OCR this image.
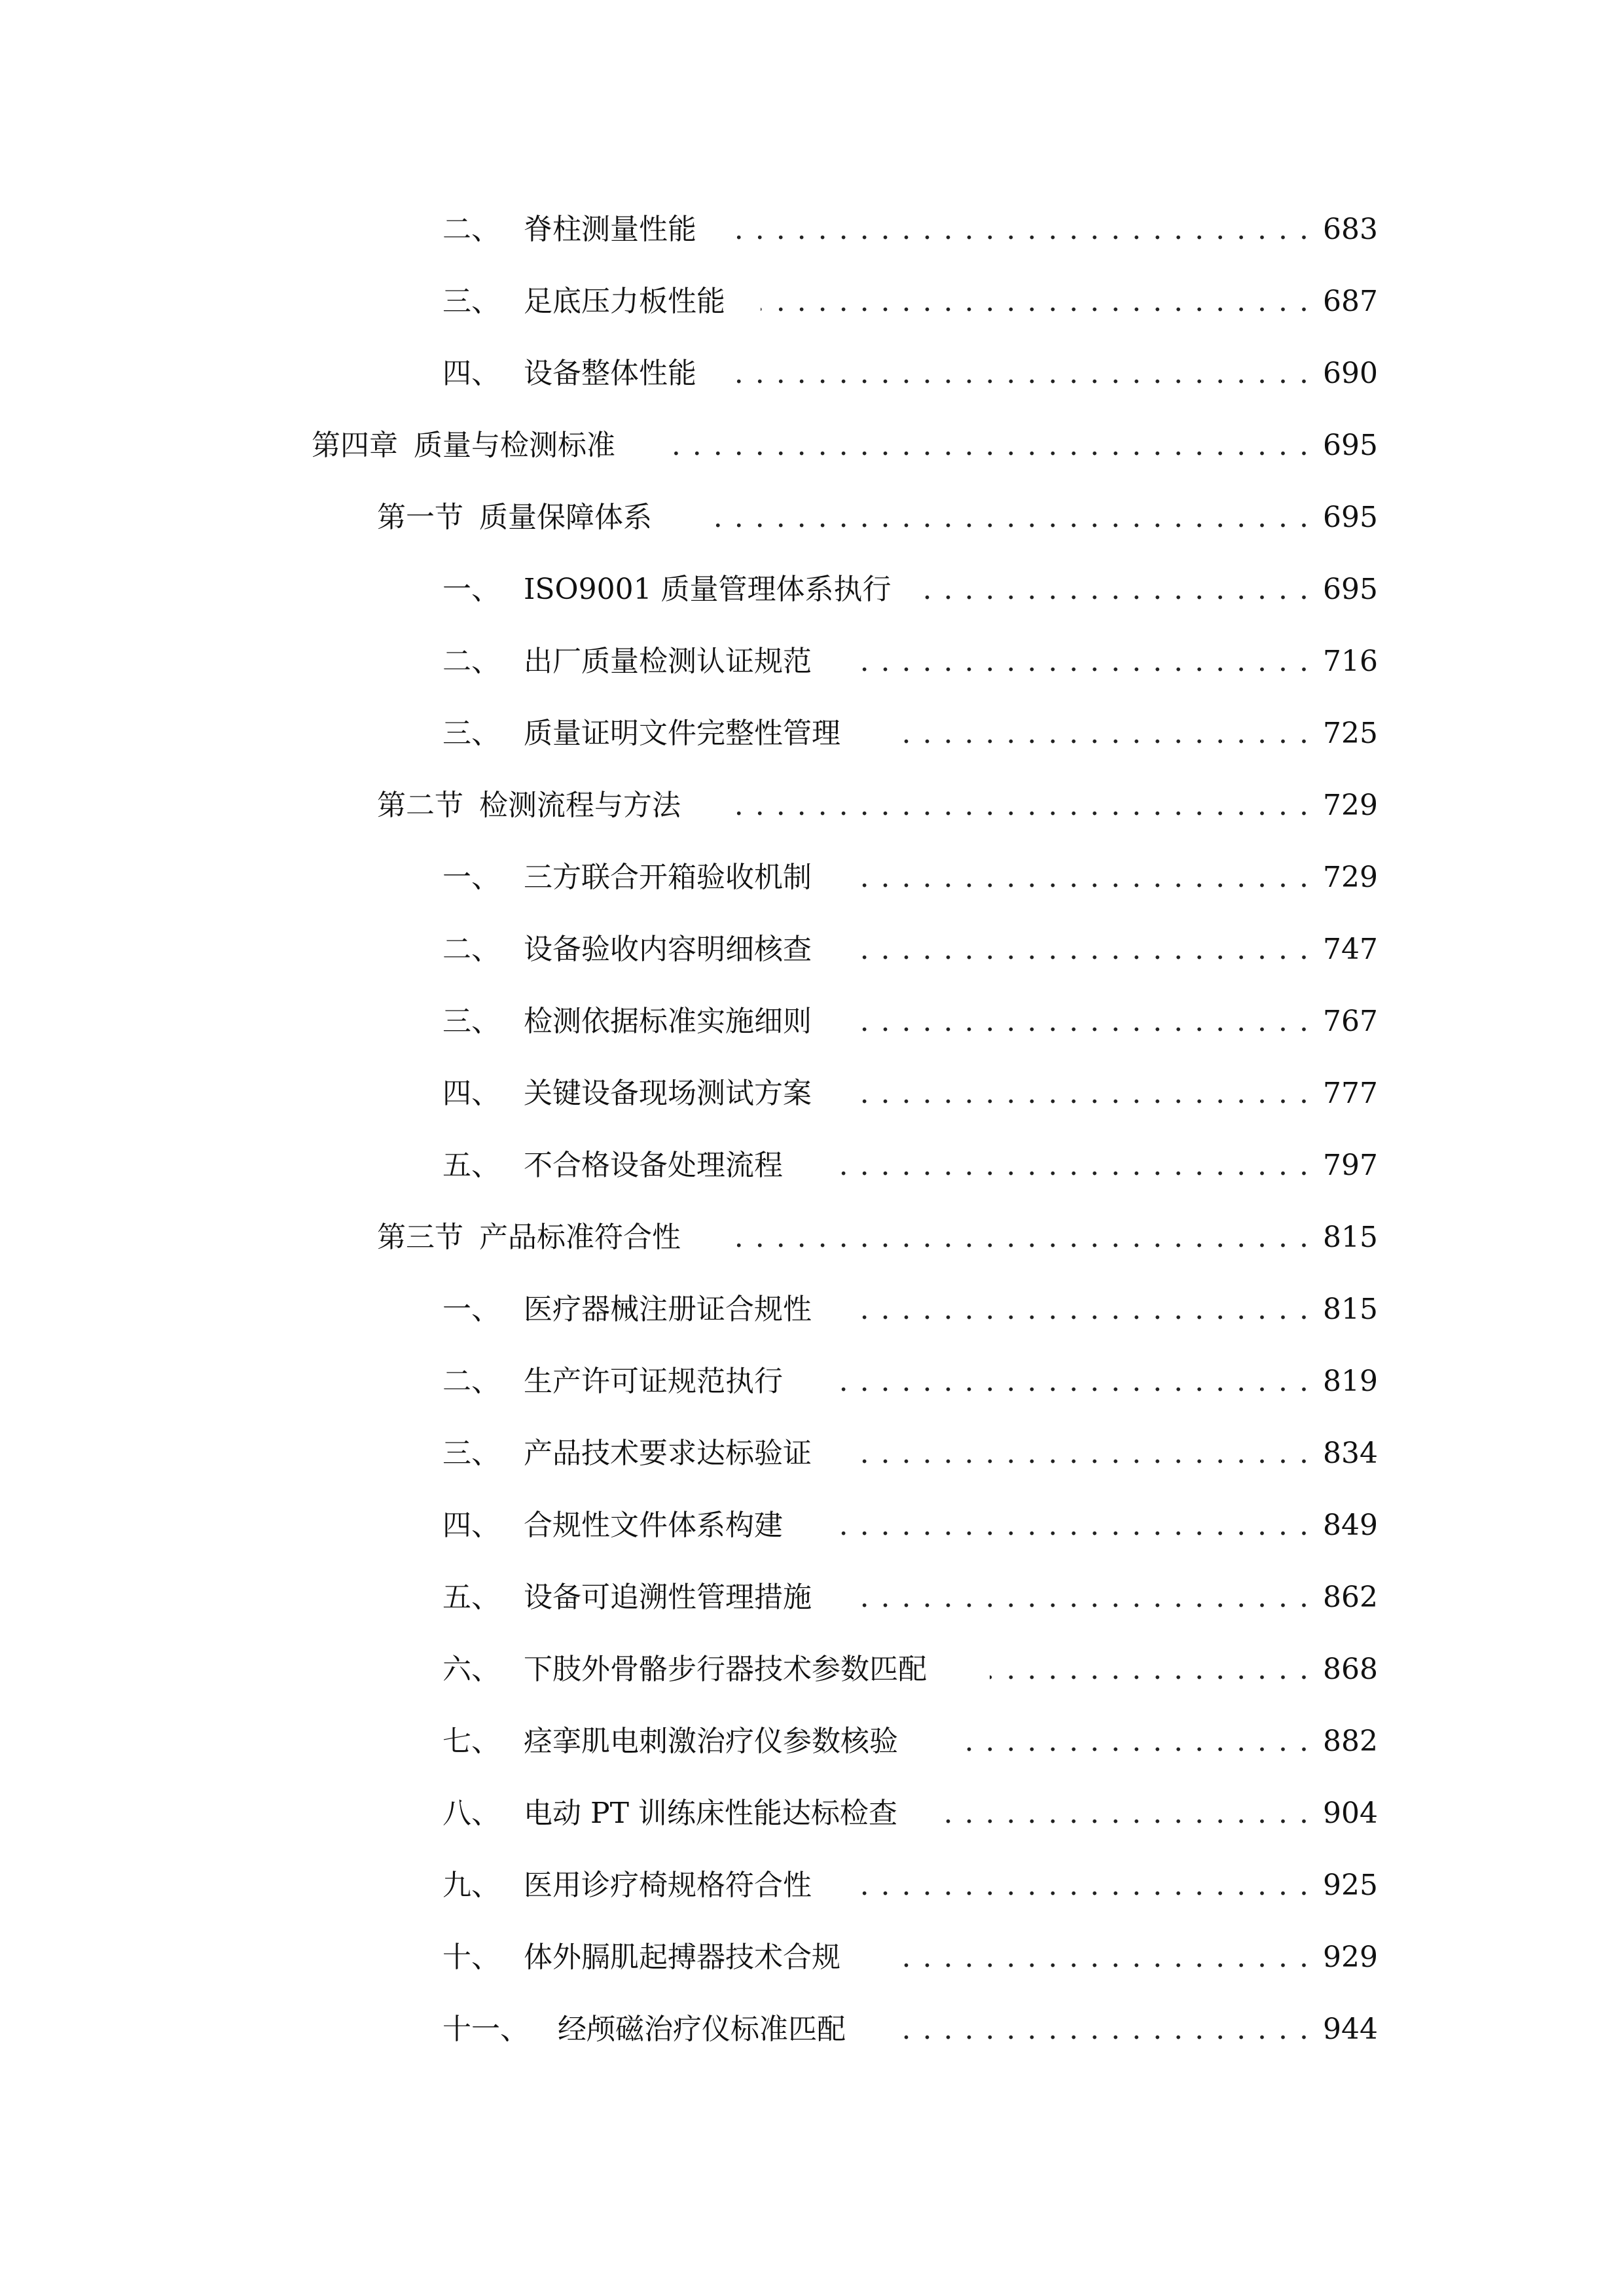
二、 脊柱测量性能 . . .	683
三、 足底压力板性能 . . .	687
四、 设备整体性能 . . .	690
第四章 质量与检测标准 . . .	695
第一节 质量保障体系 . . .	695
一、 ISO9001 质量管理体系执行 . . .	695
二、 出厂质量检测认证规范 . . .	716
三、 质量证明文件完整性管理 . . .	725
第二节 检测流程与方法 . . .	729
一、 三方联合开箱验收机制 . . .	729
二、 设备验收内容明细核查 . . .	747
三、 检测依据标准实施细则 . . .	767
四、 关键设备现场测试方案 . . .	777
五、 不合格设备处理流程 . . .	797
第三节 产品标准符合性 . . .	815
一、 医疗器械注册证合规性 . . .	815
二、 生产许可证规范执行 . . .	819
三、 产品技术要求达标验证 . . .	834
四、 合规性文件体系构建 . . .	849
五、 设备可追溯性管理措施 . . .	862
六、 下肢外骨骼步行器技术参数匹配 . . .	868
七、 痉挛肌电刺激治疗仪参数核验 . . .	882
八、 电动 PT 训练床性能达标检查 . . .	904
九、 医用诊疗椅规格符合性 . . .	925
十、 体外膈肌起搏器技术合规 . . .	929
十一、	经颅磁治疗仪标准匹配 . . .	944
